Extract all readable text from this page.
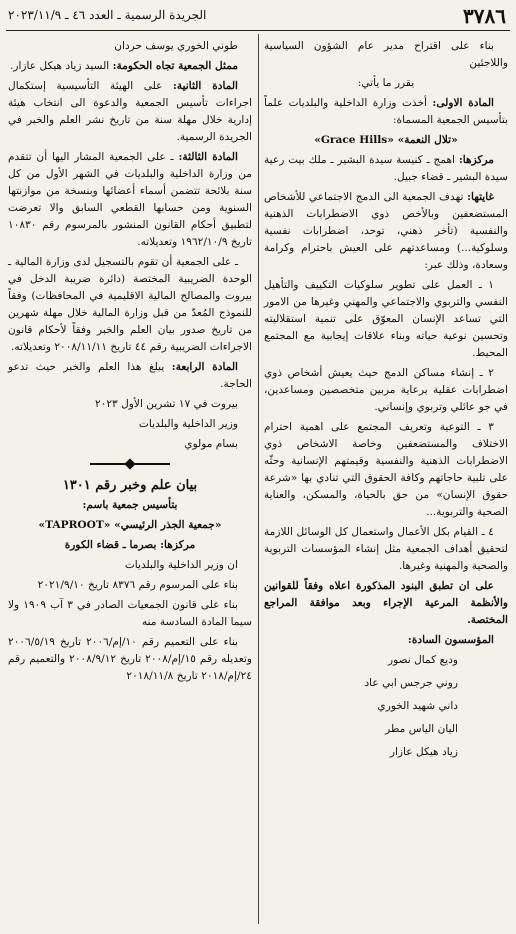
٣٧٨٦
الجريدة الرسمية ـ العدد ٤٦ ـ ٢٠٢٣/١١/٩

بناء على اقتراح مدير عام الشؤون السياسية واللاجئين

يقرر ما يأتي:

المادة الاولى: أخذت وزارة الداخلية والبلديات علماً بتأسيس الجمعية المسماة:

«تلال النعمة» «Grace Hills»

مركزها: اهمج ـ كنيسة سيدة البشير ـ ملك بيت رعية سيدة البشير ـ قضاء جبيل.

غايتها: تهدف الجمعية الى الدمج الاجتماعي للأشخاص المستضعفين وبالأخص ذوي الاضطرابات الذهنية والنفسية (تأخر ذهني، توحد، اضطرابات نفسية وسلوكية...) ومساعدتهم على العيش باحترام وكرامة وسعادة، وذلك عبر:

١ ـ العمل على تطوير سلوكيات التكييف والتأهيل النفسي والتربوي والاجتماعي والمهني وغيرها من الامور التي تساعد الإنسان المعوّق على تنمية استقلاليته وتحسين نوعية حياته وبناء علاقات إيجابية مع المجتمع المحيط.

٢ ـ إنشاء مساكن الدمج حيث يعيش أشخاص ذوي اضطرابات عقلية برعاية مربين متخصصين ومساعدين، في جو عائلي وتربوي وإنساني.

٣ ـ التوعية وتعريف المجتمع على اهمية احترام الاختلاف والمستضعفين وخاصة الاشخاص ذوي الاضطرابات الذهنية والنفسية وقيمتهم الإنسانية وحثّه على تلبية حاجاتهم وكافة الحقوق التي تنادي بها «شرعة حقوق الإنسان» من حق بالحياة، والمسكن، والعناية الصحية والتربوية...

٤ ـ القيام بكل الأعمال واستعمال كل الوسائل اللازمة لتحقيق أهداف الجمعية مثل إنشاء المؤسسات التربوية والصحية والمهنية وغيرها.

على ان تطبق البنود المذكورة اعلاه وفقاً للقوانين والأنظمة المرعية الإجراء وبعد موافقة المراجع المختصة.

المؤسسون السادة:

وديع كمال نصور

روني جرجس ابي عاد

داني شهيد الخوري

اليان الياس مطر

زياد هيكل عازار

طوني الخوري يوسف حردان

ممثل الجمعية تجاه الحكومة: السيد زياد هيكل عازار.

المادة الثانية: على الهيئة التأسيسية إستكمال اجراءات تأسيس الجمعية والدعوة الى انتخاب هيئة إدارية خلال مهلة سنة من تاريخ نشر العلم والخبر في الجريدة الرسمية.

المادة الثالثة: ـ على الجمعية المشار اليها أن تتقدم من وزارة الداخلية والبلديات في الشهر الأول من كل سنة بلائحة تتضمن أسماء أعضائها وبنسخة من موازنتها السنوية ومن حسابها القطعي السابق والا تعرضت لتطبيق أحكام القانون المنشور بالمرسوم رقم ١٠٨٣٠ تاريخ ١٩٦٢/١٠/٩ وتعديلاته.

ـ على الجمعية أن تقوم بالتسجيل لدى وزارة المالية ـ الوحدة الضريبية المختصة (دائرة ضريبة الدخل في بيروت والمصالح المالية الاقليمية في المحافظات) وفقاً للنموذج المُعدّ من قبل وزارة المالية خلال مهلة شهرين من تاريخ صدور بيان العلم والخبر وفقاً لأحكام قانون الاجراءات الضريبية رقم ٤٤ تاريخ ٢٠٠٨/١١/١١ وتعديلاته.

المادة الرابعة: يبلغ هذا العلم والخبر حيث تدعو الحاجة.

بيروت في ١٧ تشرين الأول ٢٠٢٣

وزير الداخلية والبلديات

بسام مولوي

بيان علم وخبر رقم ١٣٠١

بتأسيس جمعية باسم:

«جمعية الجذر الرئيسي» «TAPROOT»

مركزها: بصرما ـ قضاء الكورة

ان وزير الداخلية والبلديات

بناء على المرسوم رقم ٨٣٧٦ تاريخ ٢٠٢١/٩/١٠

بناء على قانون الجمعيات الصادر في ٣ آب ١٩٠٩ ولا سيما المادة السادسة منه

بناء على التعميم رقم ١٠/إم/٢٠٠٦ تاريخ ٢٠٠٦/٥/١٩ وتعديله رقم ١٥/إم/٢٠٠٨ تاريخ ٢٠٠٨/٩/١٢ والتعميم رقم ٢٤/إم/٢٠١٨ تاريخ ٢٠١٨/١١/٨
